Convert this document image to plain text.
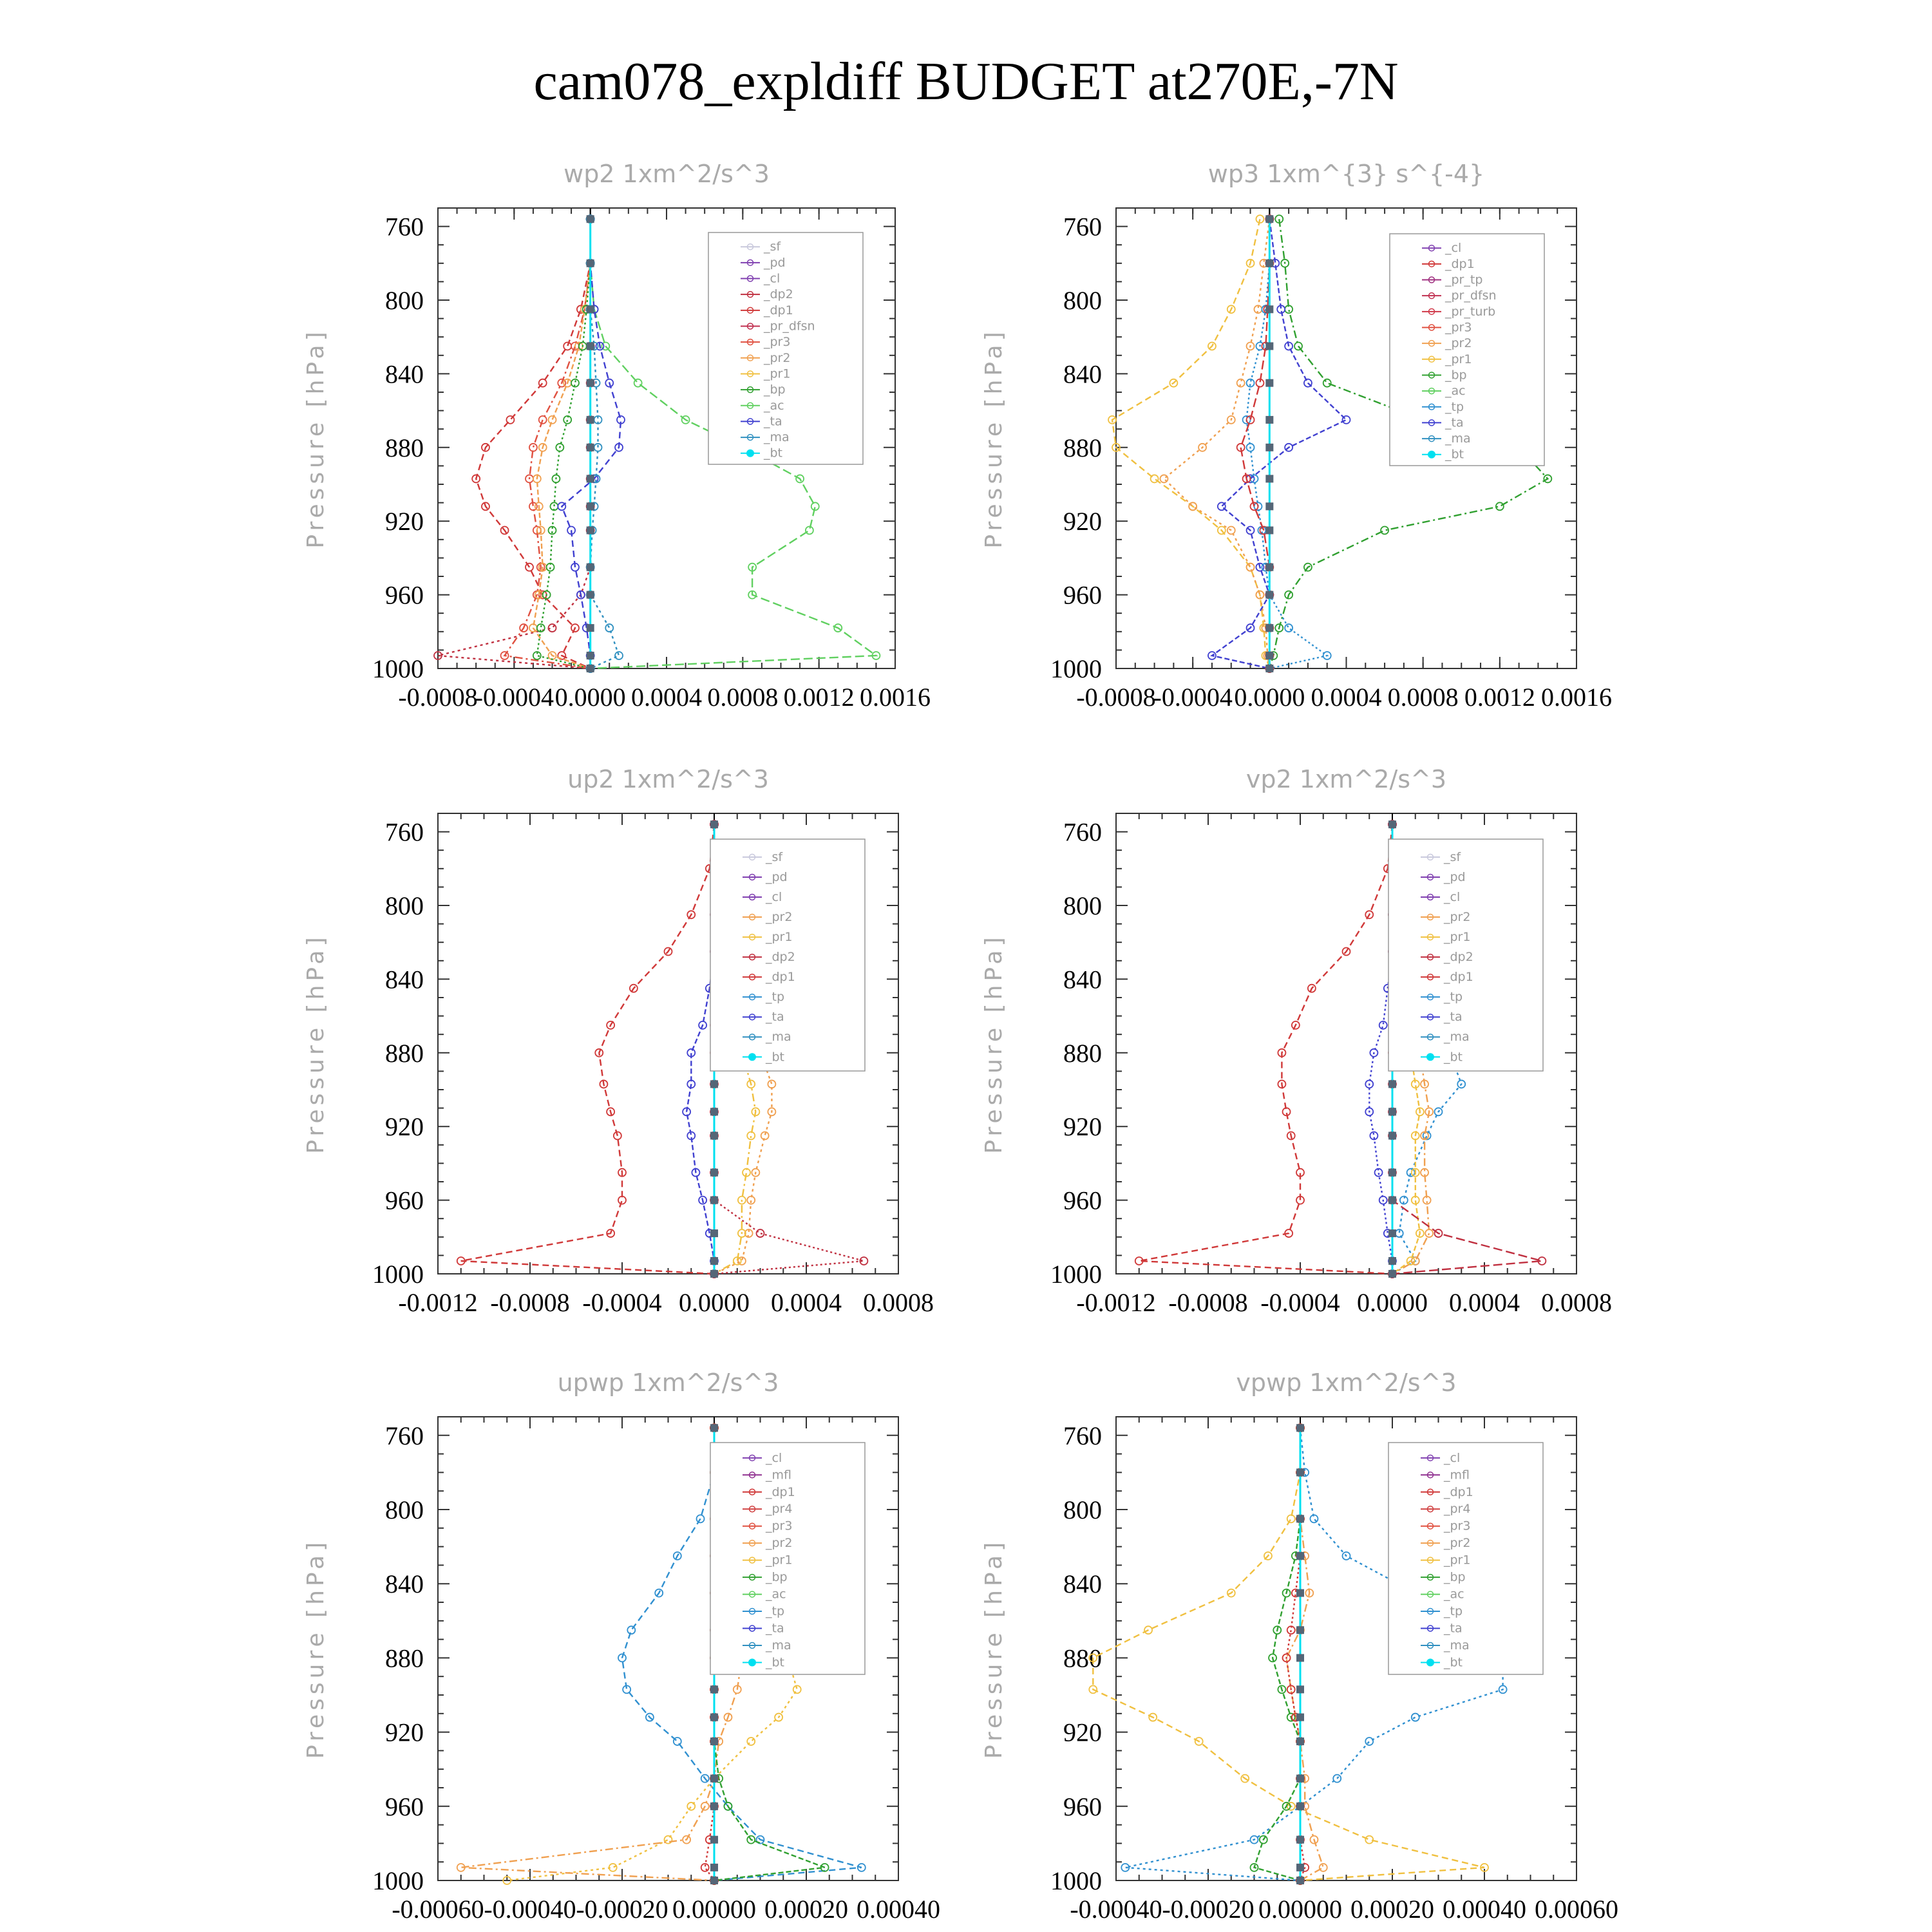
cam078_expldiff BUDGET at270E,-7N
wp2 1xm^2/s^3
760
800
840
880
920
960
1000
-0.0008
-0.0004 0.0000 0.0004 0.0008 0.0012 0.0016
Pressure [hPa]
_sf
_pd
_cl
_dp2
_dp1
_pr_dfsn
_pr3
_pr2
_pr1
_bp
_ac
_ta
_ma
_bt
wp3 1xm^{3} s^{-4}
760
800
840
880
920
960
1000
-0.0008
-0.0004 0.0000 0.0004 0.0008 0.0012 0.0016
Pressure [hPa]
_cl
_dp1
_pr_tp
_pr_dfsn
_pr_turb
_pr3
_pr2
_pr1
_bp
_ac
_tp
_ta
_ma
_bt
up2 1xm^2/s^3
760
800
840
880
920
960
1000
-0.0012 -0.0008 -0.0004 0.0000 0.0004 0.0008
Pressure [hPa]
_sf
_pd
_cl
_pr2
_pr1
_dp2
_dp1
_tp
_ta
_ma
_bt
vp2 1xm^2/s^3
760
800
840
880
920
960
1000
-0.0012 -0.0008 -0.0004 0.0000 0.0004 0.0008
Pressure [hPa]
_sf
_pd
_cl
_pr2
_pr1
_dp2
_dp1
_tp
_ta
_ma
_bt
upwp 1xm^2/s^3
760
800
840
880
920
960
1000
-0.00060 -0.00040 -0.00020 0.00000 0.00020 0.00040
Pressure [hPa]
_cl
_mfl
_dp1
_pr4
_pr3
_pr2
_pr1
_bp
_ac
_tp
_ta
_ma
_bt
vpwp 1xm^2/s^3
760
800
840
880
920
960
1000
-0.00040 -0.00020 0.00000 0.00020 0.00040 0.00060
Pressure [hPa]
_cl
_mfl
_dp1
_pr4
_pr3
_pr2
_pr1
_bp
_ac
_tp
_ta
_ma
_bt
